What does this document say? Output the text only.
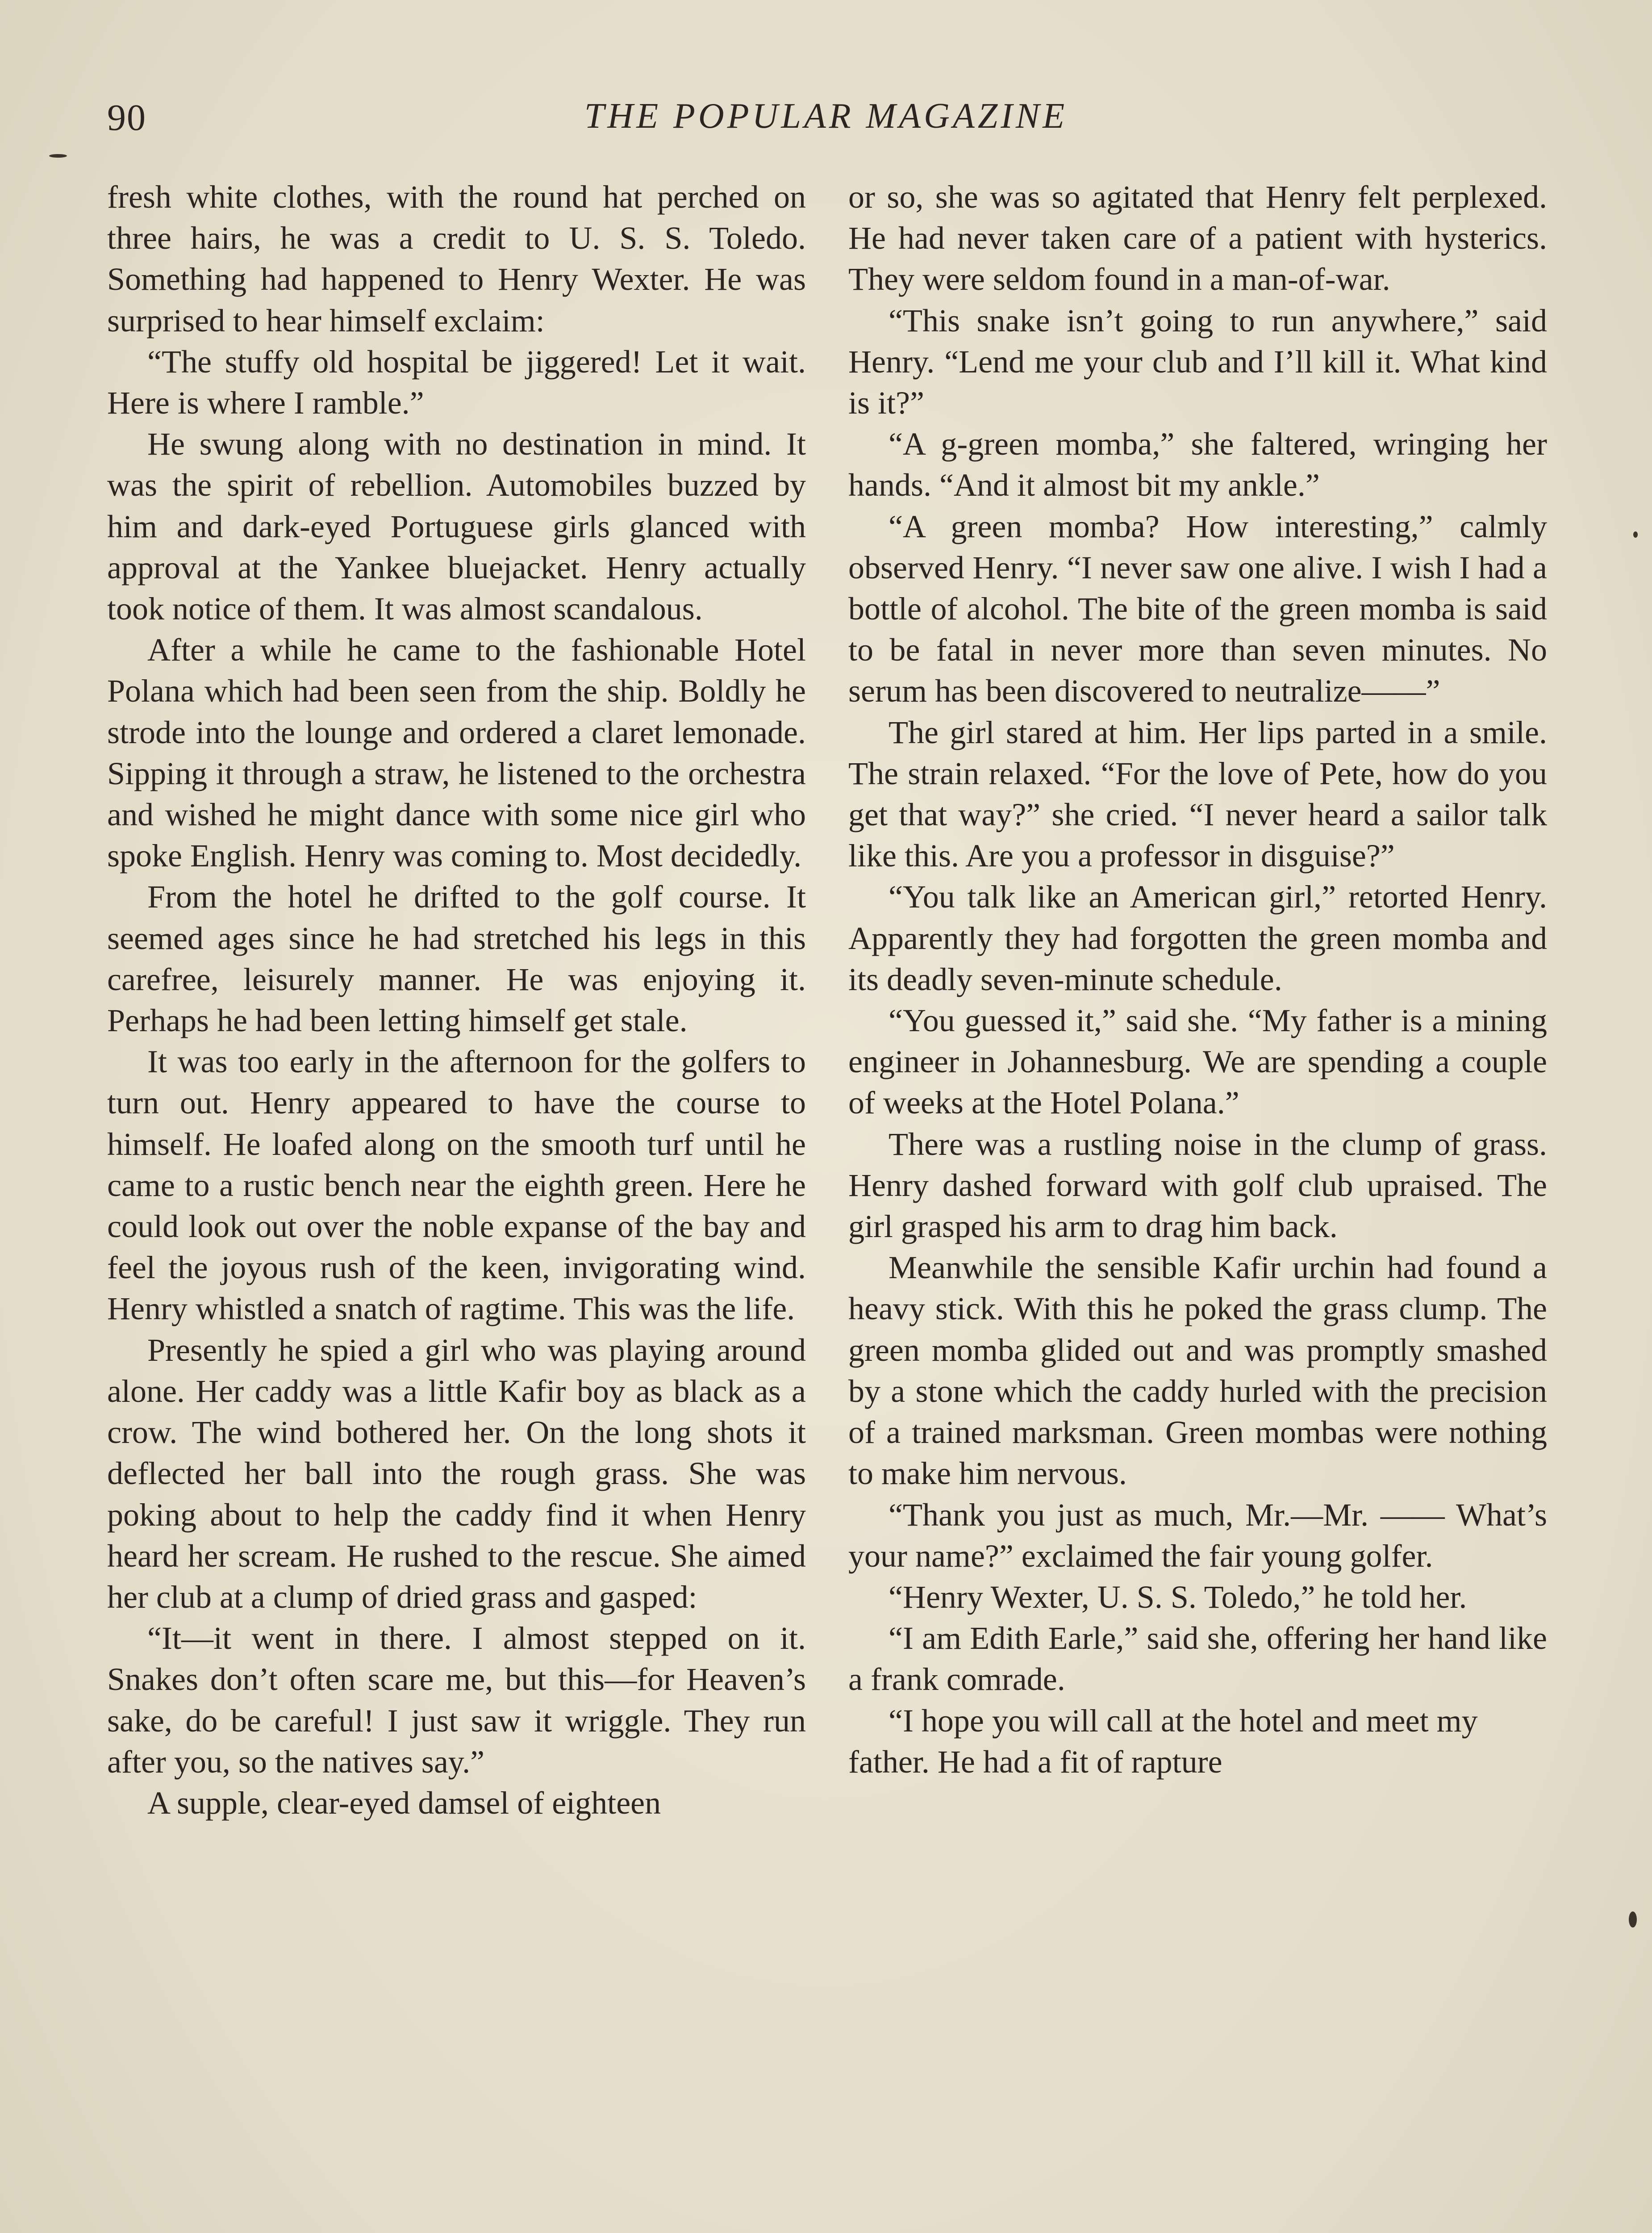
90	THE POPULAR MAGAZINE

fresh white clothes, with the round hat perched on three hairs, he was a credit to U. S. S. Toledo. Something had happened to Henry Wexter. He was surprised to hear himself exclaim:

“The stuffy old hospital be jiggered! Let it wait. Here is where I ramble.”

He swung along with no destination in mind. It was the spirit of rebellion. Automobiles buzzed by him and dark-eyed Portuguese girls glanced with approval at the Yankee bluejacket. Henry actually took notice of them. It was almost scandalous.

After a while he came to the fashionable Hotel Polana which had been seen from the ship. Boldly he strode into the lounge and ordered a claret lemonade. Sipping it through a straw, he listened to the orchestra and wished he might dance with some nice girl who spoke English. Henry was coming to. Most decidedly.

From the hotel he drifted to the golf course. It seemed ages since he had stretched his legs in this carefree, leisurely manner. He was enjoying it. Perhaps he had been letting himself get stale.

It was too early in the afternoon for the golfers to turn out. Henry appeared to have the course to himself. He loafed along on the smooth turf until he came to a rustic bench near the eighth green. Here he could look out over the noble expanse of the bay and feel the joyous rush of the keen, invigorating wind. Henry whistled a snatch of ragtime. This was the life.

Presently he spied a girl who was playing around alone. Her caddy was a little Kafir boy as black as a crow. The wind bothered her. On the long shots it deflected her ball into the rough grass. She was poking about to help the caddy find it when Henry heard her scream. He rushed to the rescue. She aimed her club at a clump of dried grass and gasped:

“It—it went in there. I almost stepped on it. Snakes don’t often scare me, but this—for Heaven’s sake, do be careful! I just saw it wriggle. They run after you, so the natives say.”

A supple, clear-eyed damsel of eighteen

or so, she was so agitated that Henry felt perplexed. He had never taken care of a patient with hysterics. They were seldom found in a man-of-war.

“This snake isn’t going to run anywhere,” said Henry. “Lend me your club and I’ll kill it. What kind is it?”

“A g-green momba,” she faltered, wringing her hands. “And it almost bit my ankle.”

“A green momba? How interesting,” calmly observed Henry. “I never saw one alive. I wish I had a bottle of alcohol. The bite of the green momba is said to be fatal in never more than seven minutes. No serum has been discovered to neutralize——”

The girl stared at him. Her lips parted in a smile. The strain relaxed. “For the love of Pete, how do you get that way?” she cried. “I never heard a sailor talk like this. Are you a professor in disguise?”

“You talk like an American girl,” retorted Henry. Apparently they had forgotten the green momba and its deadly seven-minute schedule.

“You guessed it,” said she. “My father is a mining engineer in Johannesburg. We are spending a couple of weeks at the Hotel Polana.”

There was a rustling noise in the clump of grass. Henry dashed forward with golf club upraised. The girl grasped his arm to drag him back.

Meanwhile the sensible Kafir urchin had found a heavy stick. With this he poked the grass clump. The green momba glided out and was promptly smashed by a stone which the caddy hurled with the precision of a trained marksman. Green mombas were nothing to make him nervous.

“Thank you just as much, Mr.—Mr. —— What’s your name?” exclaimed the fair young golfer.

“Henry Wexter, U. S. S. Toledo,” he told her.

“I am Edith Earle,” said she, offering her hand like a frank comrade.

“I hope you will call at the hotel and meet my father. He had a fit of rapture
